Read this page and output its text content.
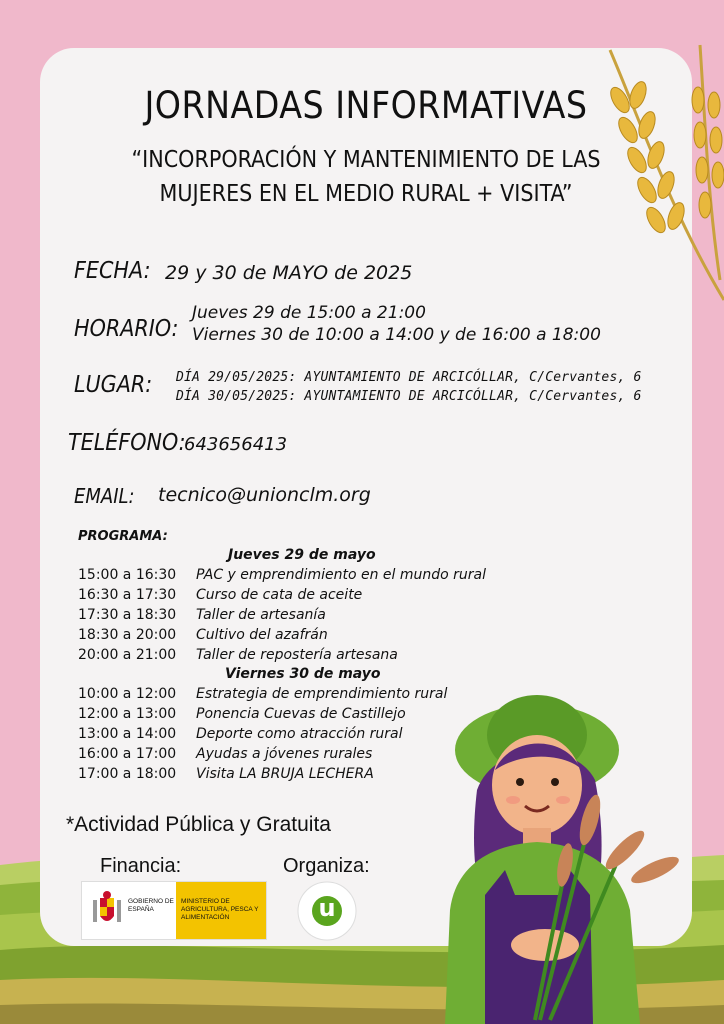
JORNADAS INFORMATIVAS
“INCORPORACIÓN Y MANTENIMIENTO DE LAS
MUJERES EN EL MEDIO RURAL + VISITA”
FECHA: 29 y 30 de MAYO de 2025
HORARIO:
Jueves 29 de 15:00 a 21:00
Viernes 30 de 10:00 a 14:00 y de 16:00 a 18:00
LUGAR: DÍA 29/05/2025: AYUNTAMIENTO DE ARCICÓLLAR, C/Cervantes, 6
DÍA 30/05/2025: AYUNTAMIENTO DE ARCICÓLLAR, C/Cervantes, 6
TELÉFONO:
643656413
EMAIL: tecnico@unionclm.org
PROGRAMA:
Jueves 29 de mayo
15:00 a 16:30 PAC y emprendimiento en el mundo rural
16:30 a 17:30 Curso de cata de aceite
17:30 a 18:30 Taller de artesanía
18:30 a 20:00 Cultivo del azafrán
20:00 a 21:00 Taller de repostería artesana
Viernes 30 de mayo
10:00 a 12:00 Estrategia de emprendimiento rural
12:00 a 13:00 Ponencia Cuevas de Castillejo
13:00 a 14:00 Deporte como atracción rural
16:00 a 17:00 Ayudas a jóvenes rurales
17:00 a 18:00 Visita LA BRUJA LECHERA
*Actividad Pública y Gratuita
Financia:
GOBIERNO DE ESPAÑA
MINISTERIO DE AGRICULTURA, PESCA Y ALIMENTACIÓN
Organiza:
u
